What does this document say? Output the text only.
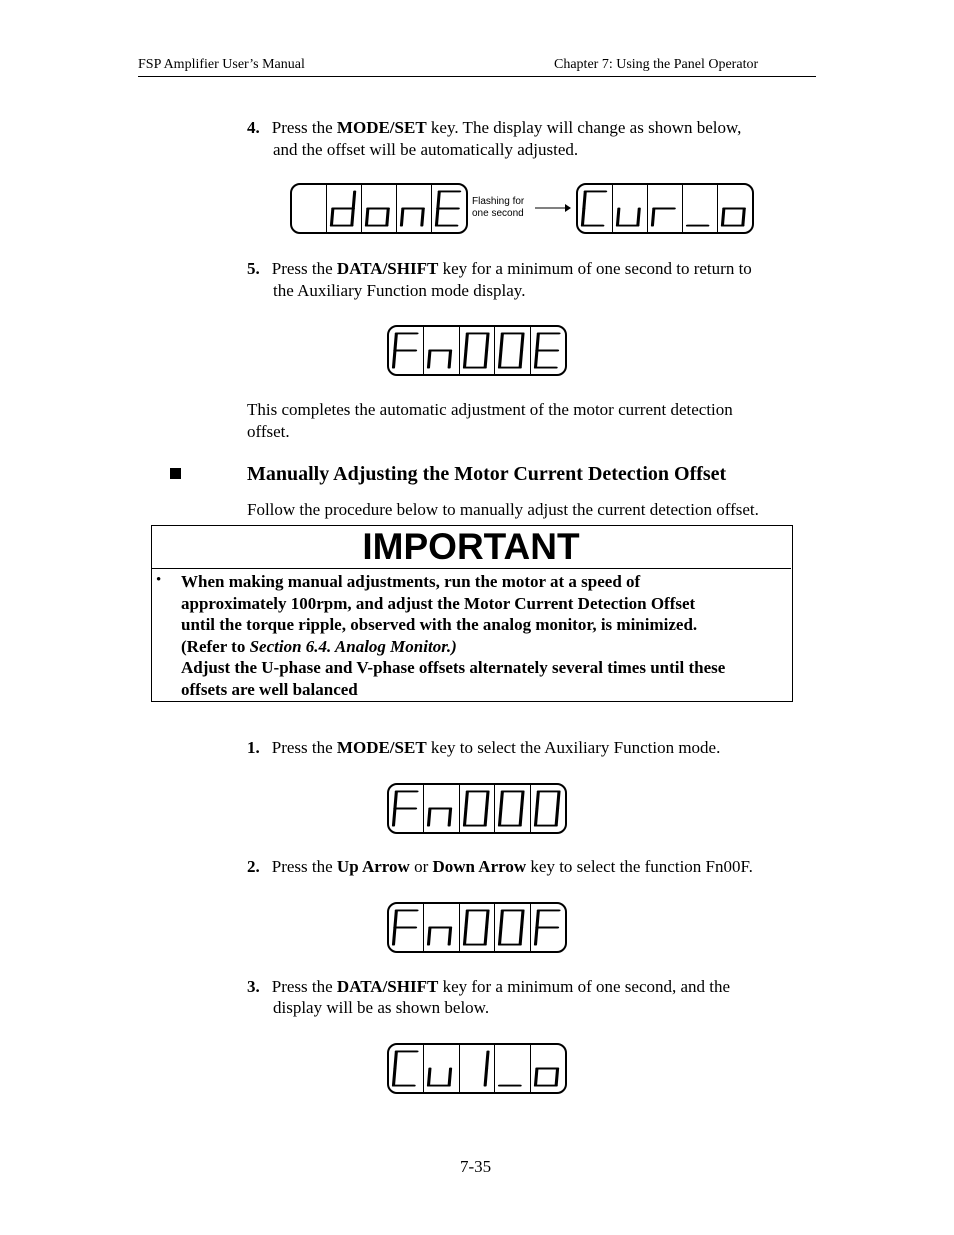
FSP Amplifier User’s Manual	Chapter 7: Using the Panel Operator
4. Press the MODE/SET key. The display will change as shown below,
and the offset will be automatically adjusted.
Flashing for
one second
5. Press the DATA/SHIFT key for a minimum of one second to return to
the Auxiliary Function mode display.
This completes the automatic adjustment of the motor current detection
offset.
Manually Adjusting the Motor Current Detection Offset
Follow the procedure below to manually adjust the current detection offset.
IMPORTANT
• When making manual adjustments, run the motor at a speed of
approximately 100rpm, and adjust the Motor Current Detection Offset
until the torque ripple, observed with the analog monitor, is minimized.
(Refer to Section 6.4. Analog Monitor.)
Adjust the U-phase and V-phase offsets alternately several times until these
offsets are well balanced
1. Press the MODE/SET key to select the Auxiliary Function mode.
2. Press the Up Arrow or Down Arrow key to select the function Fn00F.
3. Press the DATA/SHIFT key for a minimum of one second, and the
display will be as shown below.
7-35
